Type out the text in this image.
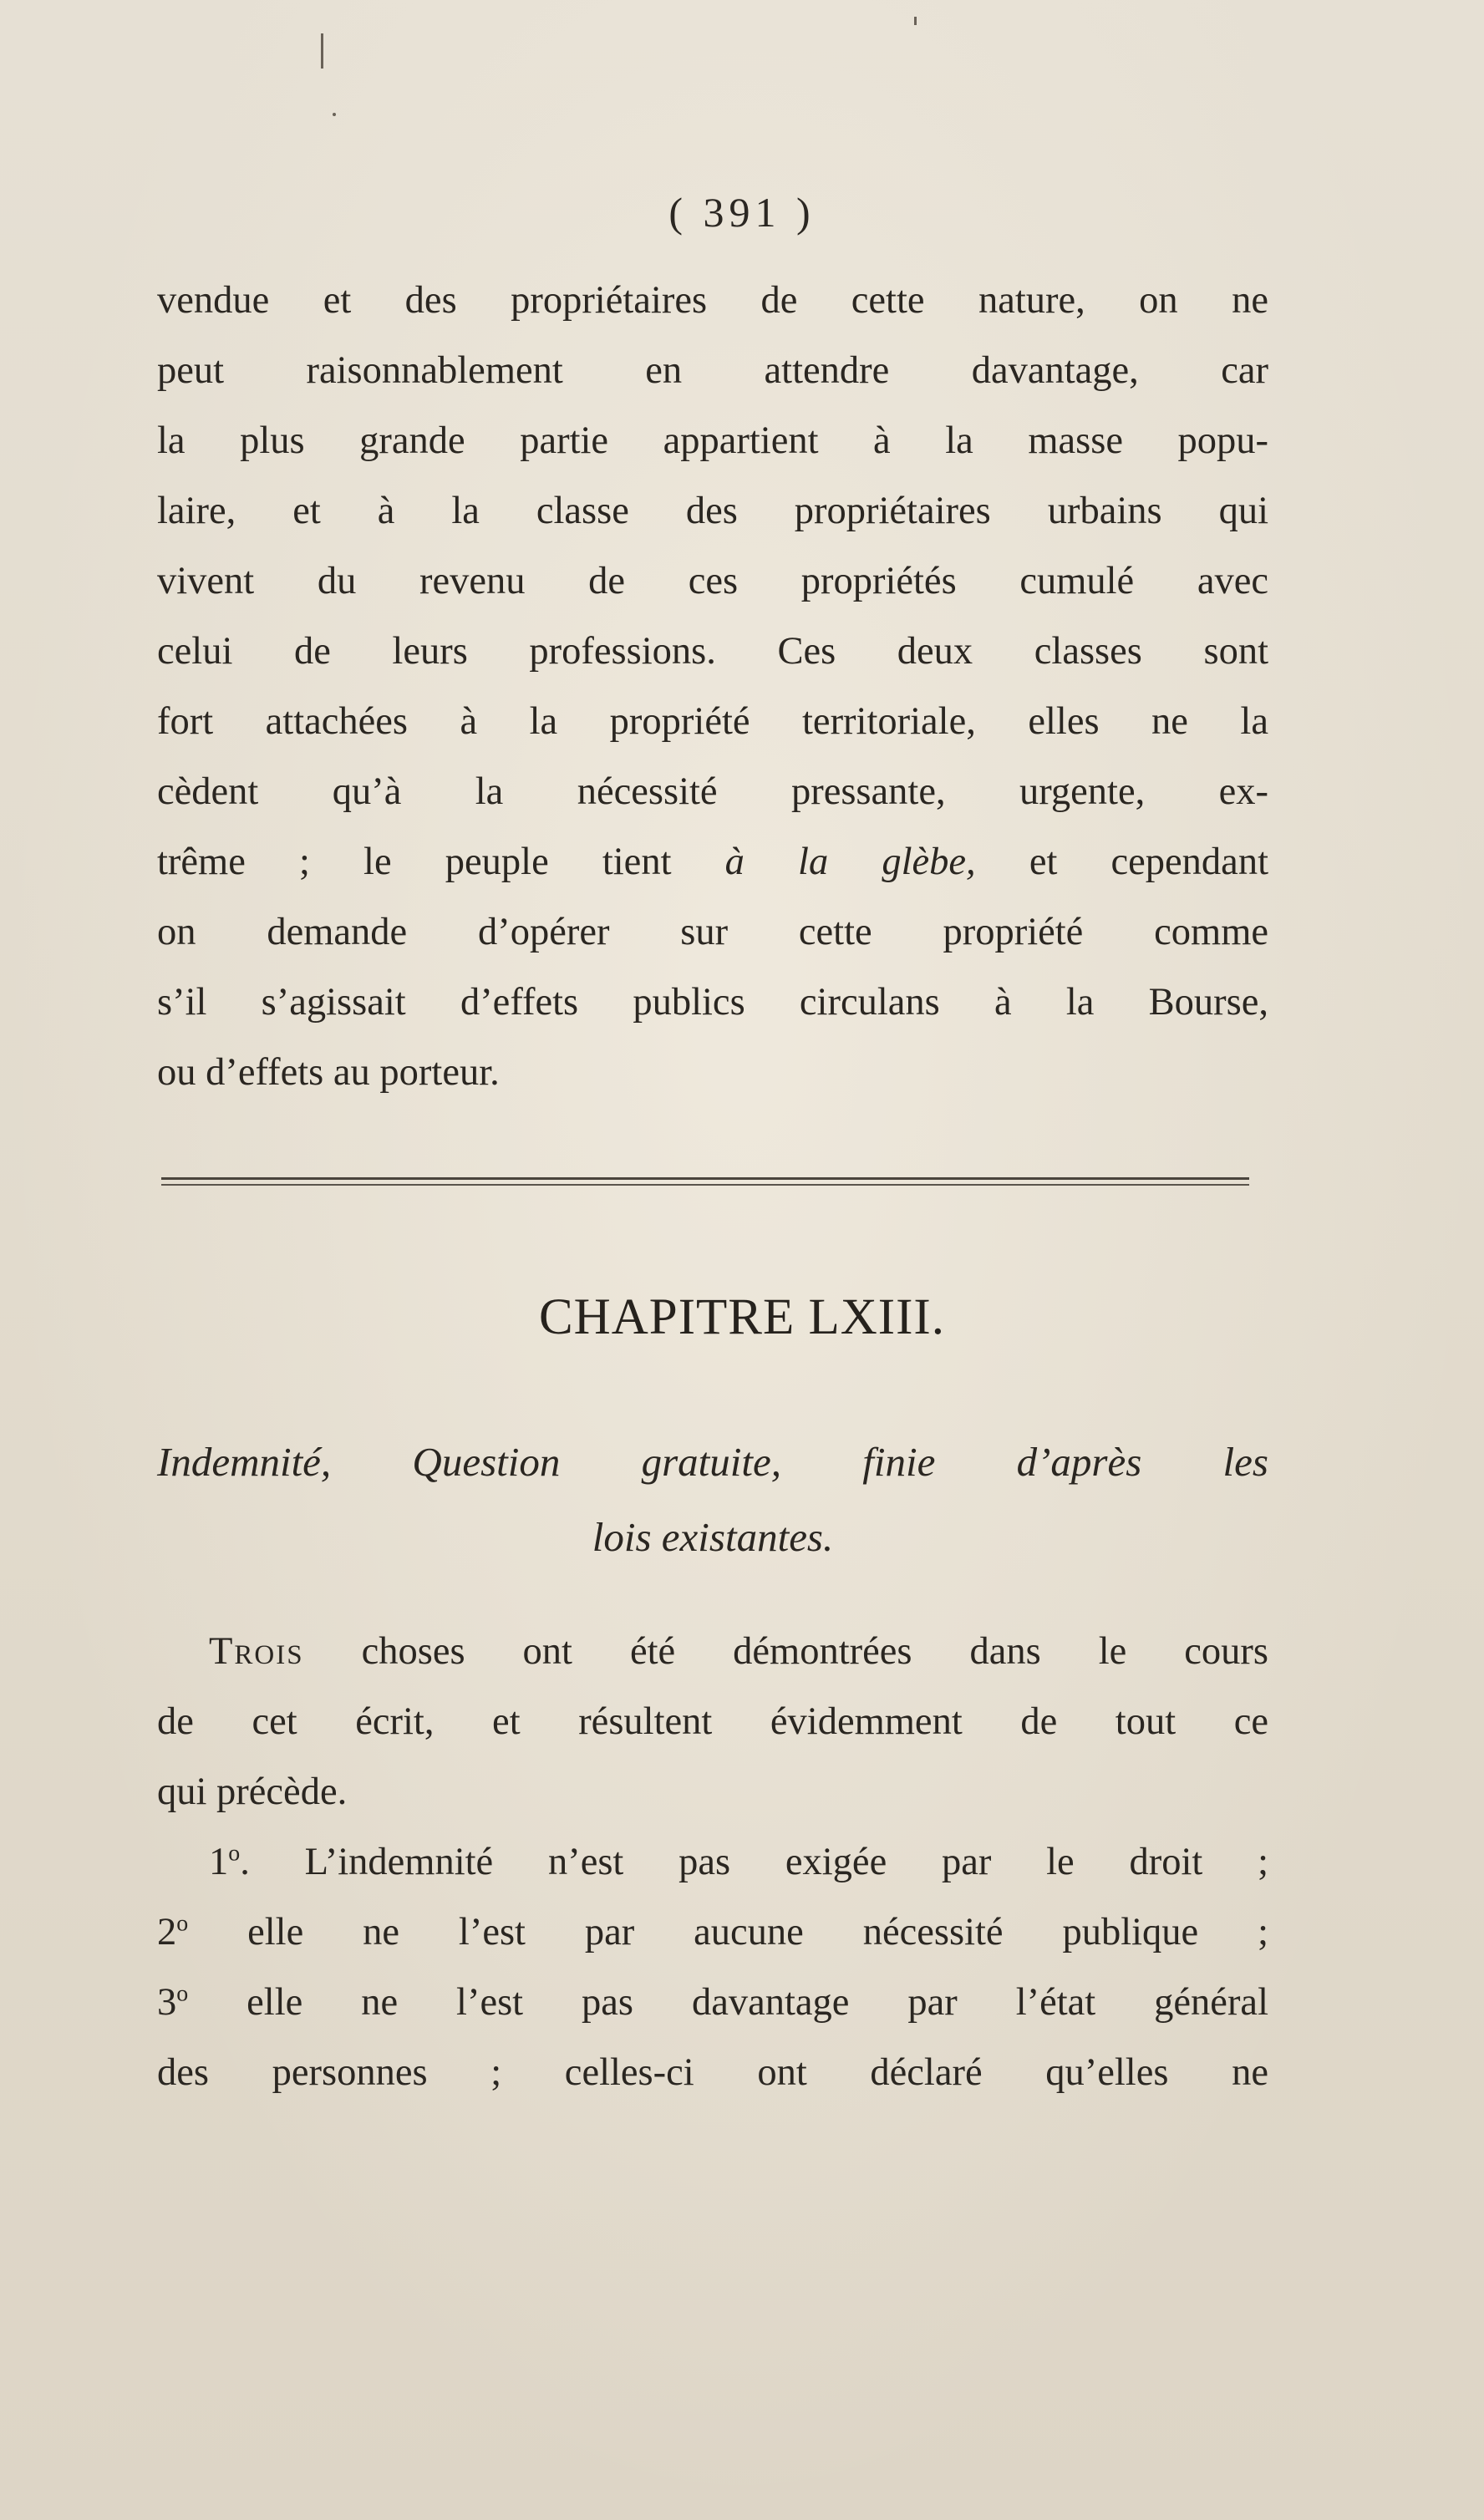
( 391 )
vendue et des propriétaires de cette nature, on ne
peut raisonnablement en attendre davantage, car
la plus grande partie appartient à la masse popu-
laire, et à la classe des propriétaires urbains qui
vivent du revenu de ces propriétés cumulé avec
celui de leurs professions. Ces deux classes sont
fort attachées à la propriété territoriale, elles ne la
cèdent qu’à la nécessité pressante, urgente, ex-
trême ; le peuple tient à la glèbe, et cependant
on demande d’opérer sur cette propriété comme
s’il s’agissait d’effets publics circulans à la Bourse,
ou d’effets au porteur.
CHAPITRE LXIII.
Indemnité, Question gratuite, finie d’après les
lois existantes.
Trois choses ont été démontrées dans le cours
de cet écrit, et résultent évidemment de tout ce
qui précède.
1$^o$. L’indemnité n’est pas exigée par le droit ;
2$^o$ elle ne l’est par aucune nécessité publique ;
3$^o$ elle ne l’est pas davantage par l’état général
des personnes ; celles-ci ont déclaré qu’elles ne
